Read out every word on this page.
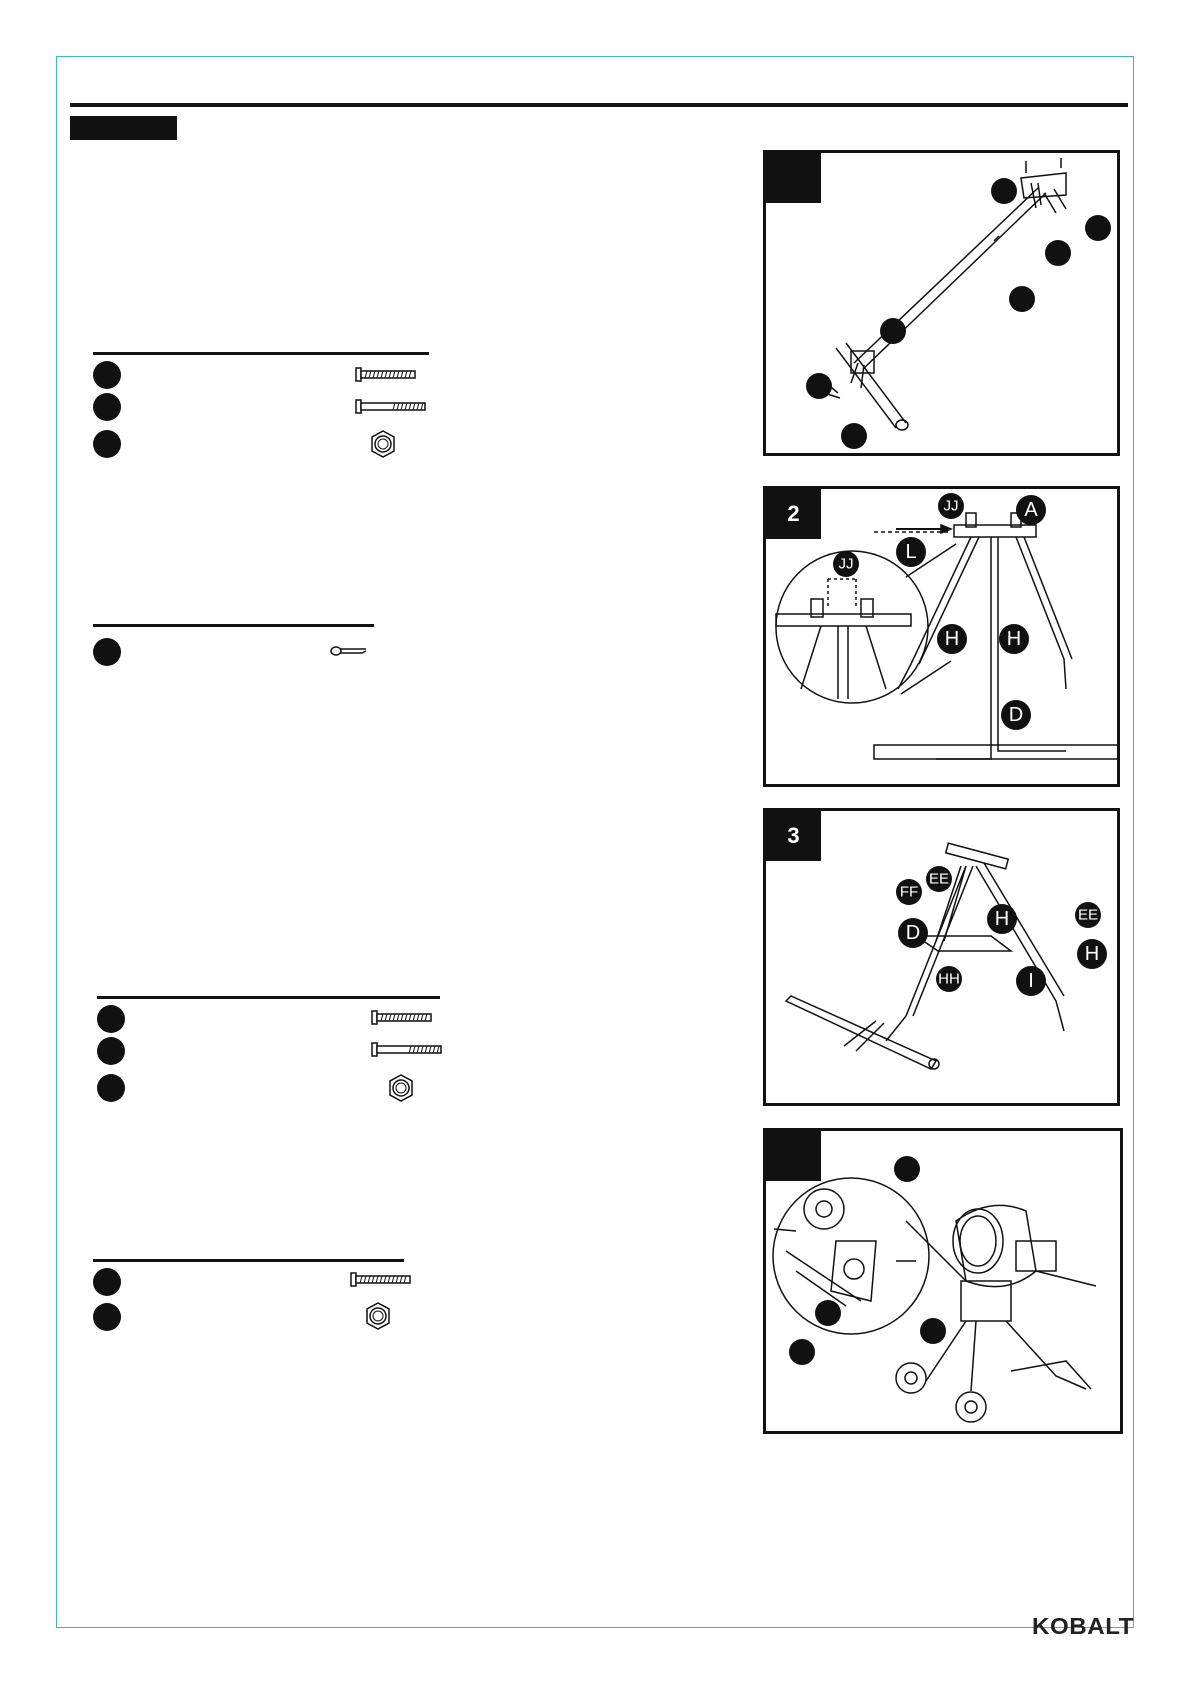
2	JJ	A
L
JJ
H H
D
3
EE
FF
H	EE
D
H
HH	I
KOBALT
